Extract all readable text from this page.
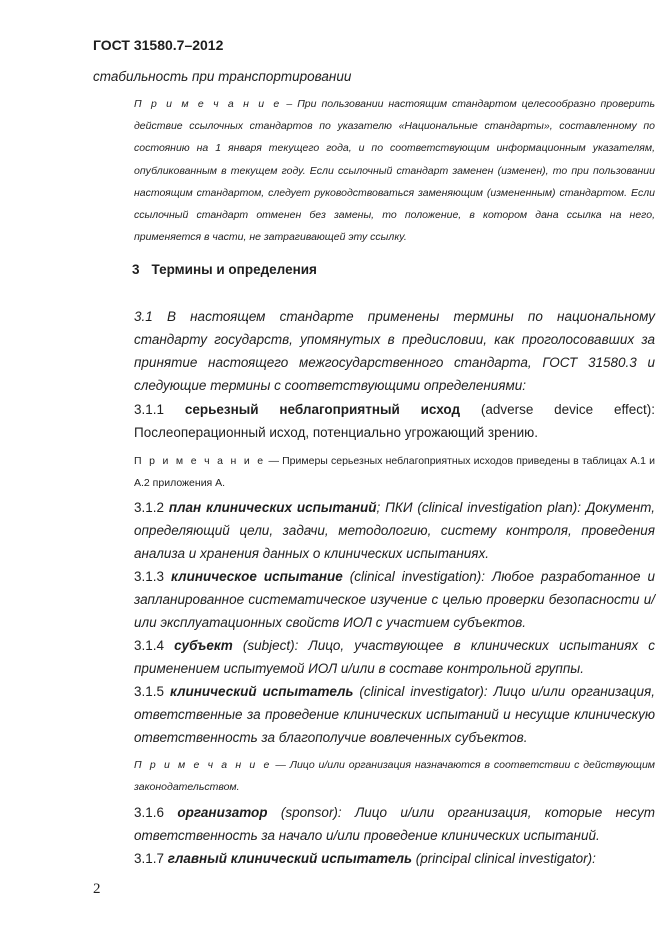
ГОСТ 31580.7–2012
стабильность при транспортировании
П р и м е ч а н и е – При пользовании настоящим стандартом целесообразно проверить действие ссылочных стандартов по указателю «Национальные стандарты», составленному по состоянию на 1 января текущего года, и по соответствующим информационным указателям, опубликованным в текущем году. Если ссылочный стандарт заменен (изменен), то при пользовании настоящим стандартом, следует руководствоваться заменяющим (измененным) стандартом. Если ссылочный стандарт отменен без замены, то положение, в котором дана ссылка на него, применяется в части, не затрагивающей эту ссылку.
3 Термины и определения
3.1 В настоящем стандарте применены термины по национальному стандарту государств, упомянутых в предисловии, как проголосовавших за принятие настоящего межгосударственного стандарта, ГОСТ 31580.3 и следующие термины с соответствующими определениями:
3.1.1 серьезный неблагоприятный исход (adverse device effect): Послеоперационный исход, потенциально угрожающий зрению.
П р и м е ч а н и е — Примеры серьезных неблагоприятных исходов приведены в таблицах А.1 и А.2 приложения А.
3.1.2 план клинических испытаний; ПКИ (clinical investigation plan): Документ, определяющий цели, задачи, методологию, систему контроля, проведения анализа и хранения данных о клинических испытаниях.
3.1.3 клиническое испытание (clinical investigation): Любое разработанное и запланированное систематическое изучение с целью проверки безопасности и/или эксплуатационных свойств ИОЛ с участием субъектов.
3.1.4 субъект (subject): Лицо, участвующее в клинических испытаниях с применением испытуемой ИОЛ и/или в составе контрольной группы.
3.1.5 клинический испытатель (clinical investigator): Лицо и/или организация, ответственные за проведение клинических испытаний и несущие клиническую ответственность за благополучие вовлеченных субъектов.
П р и м е ч а н и е — Лицо и/или организация назначаются в соответствии с действующим законодательством.
3.1.6 организатор (sponsor): Лицо и/или организация, которые несут ответственность за начало и/или проведение клинических испытаний.
3.1.7 главный клинический испытатель (principal clinical investigator):
2
